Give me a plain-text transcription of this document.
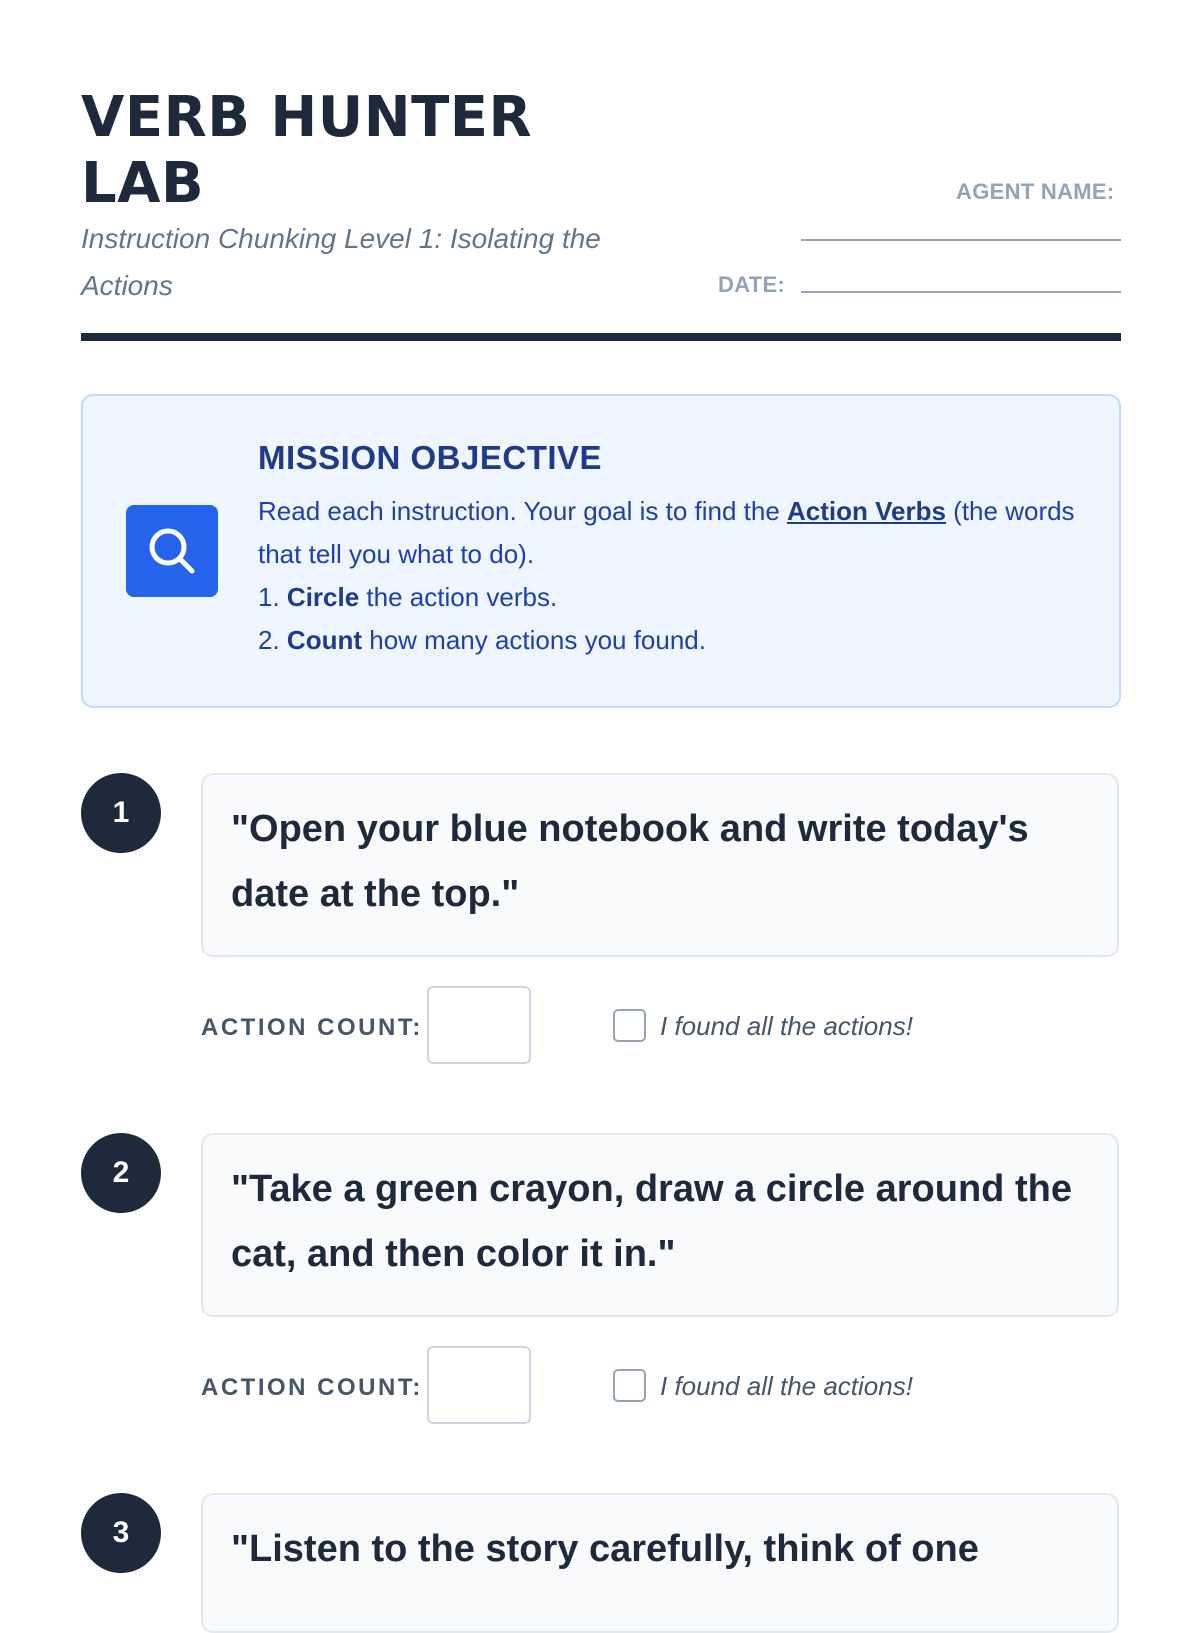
VERB HUNTER LAB

Instruction Chunking Level 1: Isolating the Actions

AGENT NAME:
DATE:
MISSION OBJECTIVE
Read each instruction. Your goal is to find the Action Verbs (the words that tell you what to do).
1. Circle the action verbs.
2. Count how many actions you found.
1	"Open your blue notebook and write today's date at the top."
ACTION COUNT:	I found all the actions!
2	"Take a green crayon, draw a circle around the cat, and then color it in."
ACTION COUNT:	I found all the actions!
3	"Listen to the story carefully, think of one
